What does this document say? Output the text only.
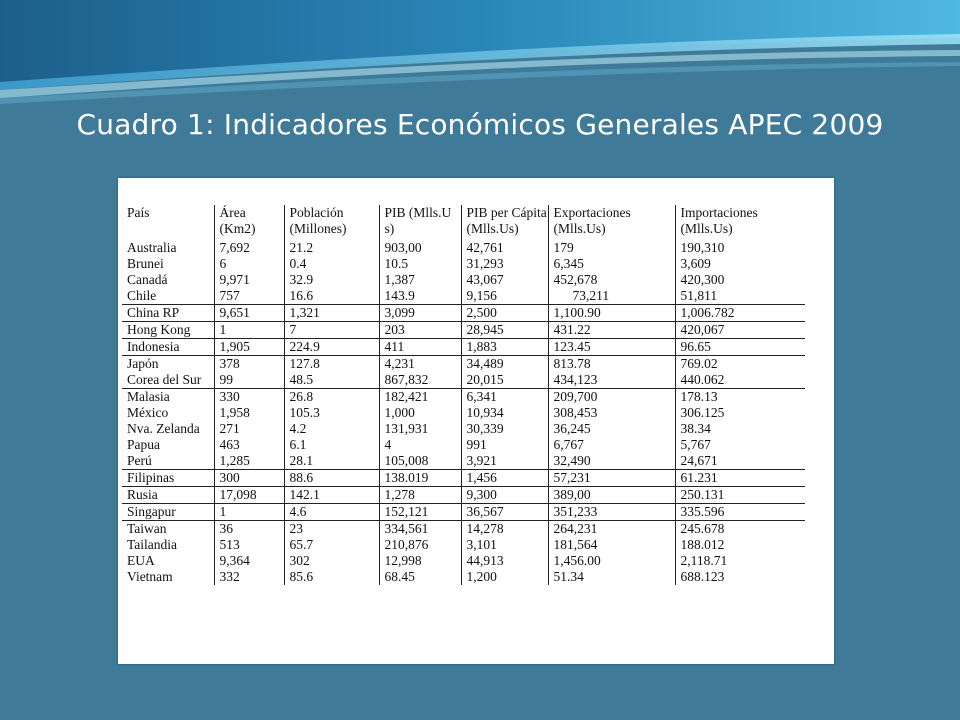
Cuadro 1: Indicadores Económicos Generales APEC 2009
País	Área (Km2)	Población (Millones)	PIB (Mlls.U s)	PIB per Cápita (Mlls.Us)	Exportaciones (Mlls.Us)	Importaciones (Mlls.Us)
Australia	7,692	21.2	903,00	42,761	179	190,310
Brunei	6	0.4	10.5	31,293	6,345	3,609
Canadá	9,971	32.9	1,387	43,067	452,678	420,300
Chile	757	16.6	143.9	9,156	73,211	51,811
China RP	9,651	1,321	3,099	2,500	1,100.90	1,006.782
Hong Kong	1	7	203	28,945	431.22	420,067
Indonesia	1,905	224.9	411	1,883	123.45	96.65
Japón	378	127.8	4,231	34,489	813.78	769.02
Corea del Sur	99	48.5	867,832	20,015	434,123	440.062
Malasia	330	26.8	182,421	6,341	209,700	178.13
México	1,958	105.3	1,000	10,934	308,453	306.125
Nva. Zelanda	271	4.2	131,931	30,339	36,245	38.34
Papua	463	6.1	4	991	6,767	5,767
Perú	1,285	28.1	105,008	3,921	32,490	24,671
Filipinas	300	88.6	138.019	1,456	57,231	61.231
Rusia	17,098	142.1	1,278	9,300	389,00	250.131
Singapur	1	4.6	152,121	36,567	351,233	335.596
Taiwan	36	23	334,561	14,278	264,231	245.678
Tailandia	513	65.7	210,876	3,101	181,564	188.012
EUA	9,364	302	12,998	44,913	1,456.00	2,118.71
Vietnam	332	85.6	68.45	1,200	51.34	688.123
